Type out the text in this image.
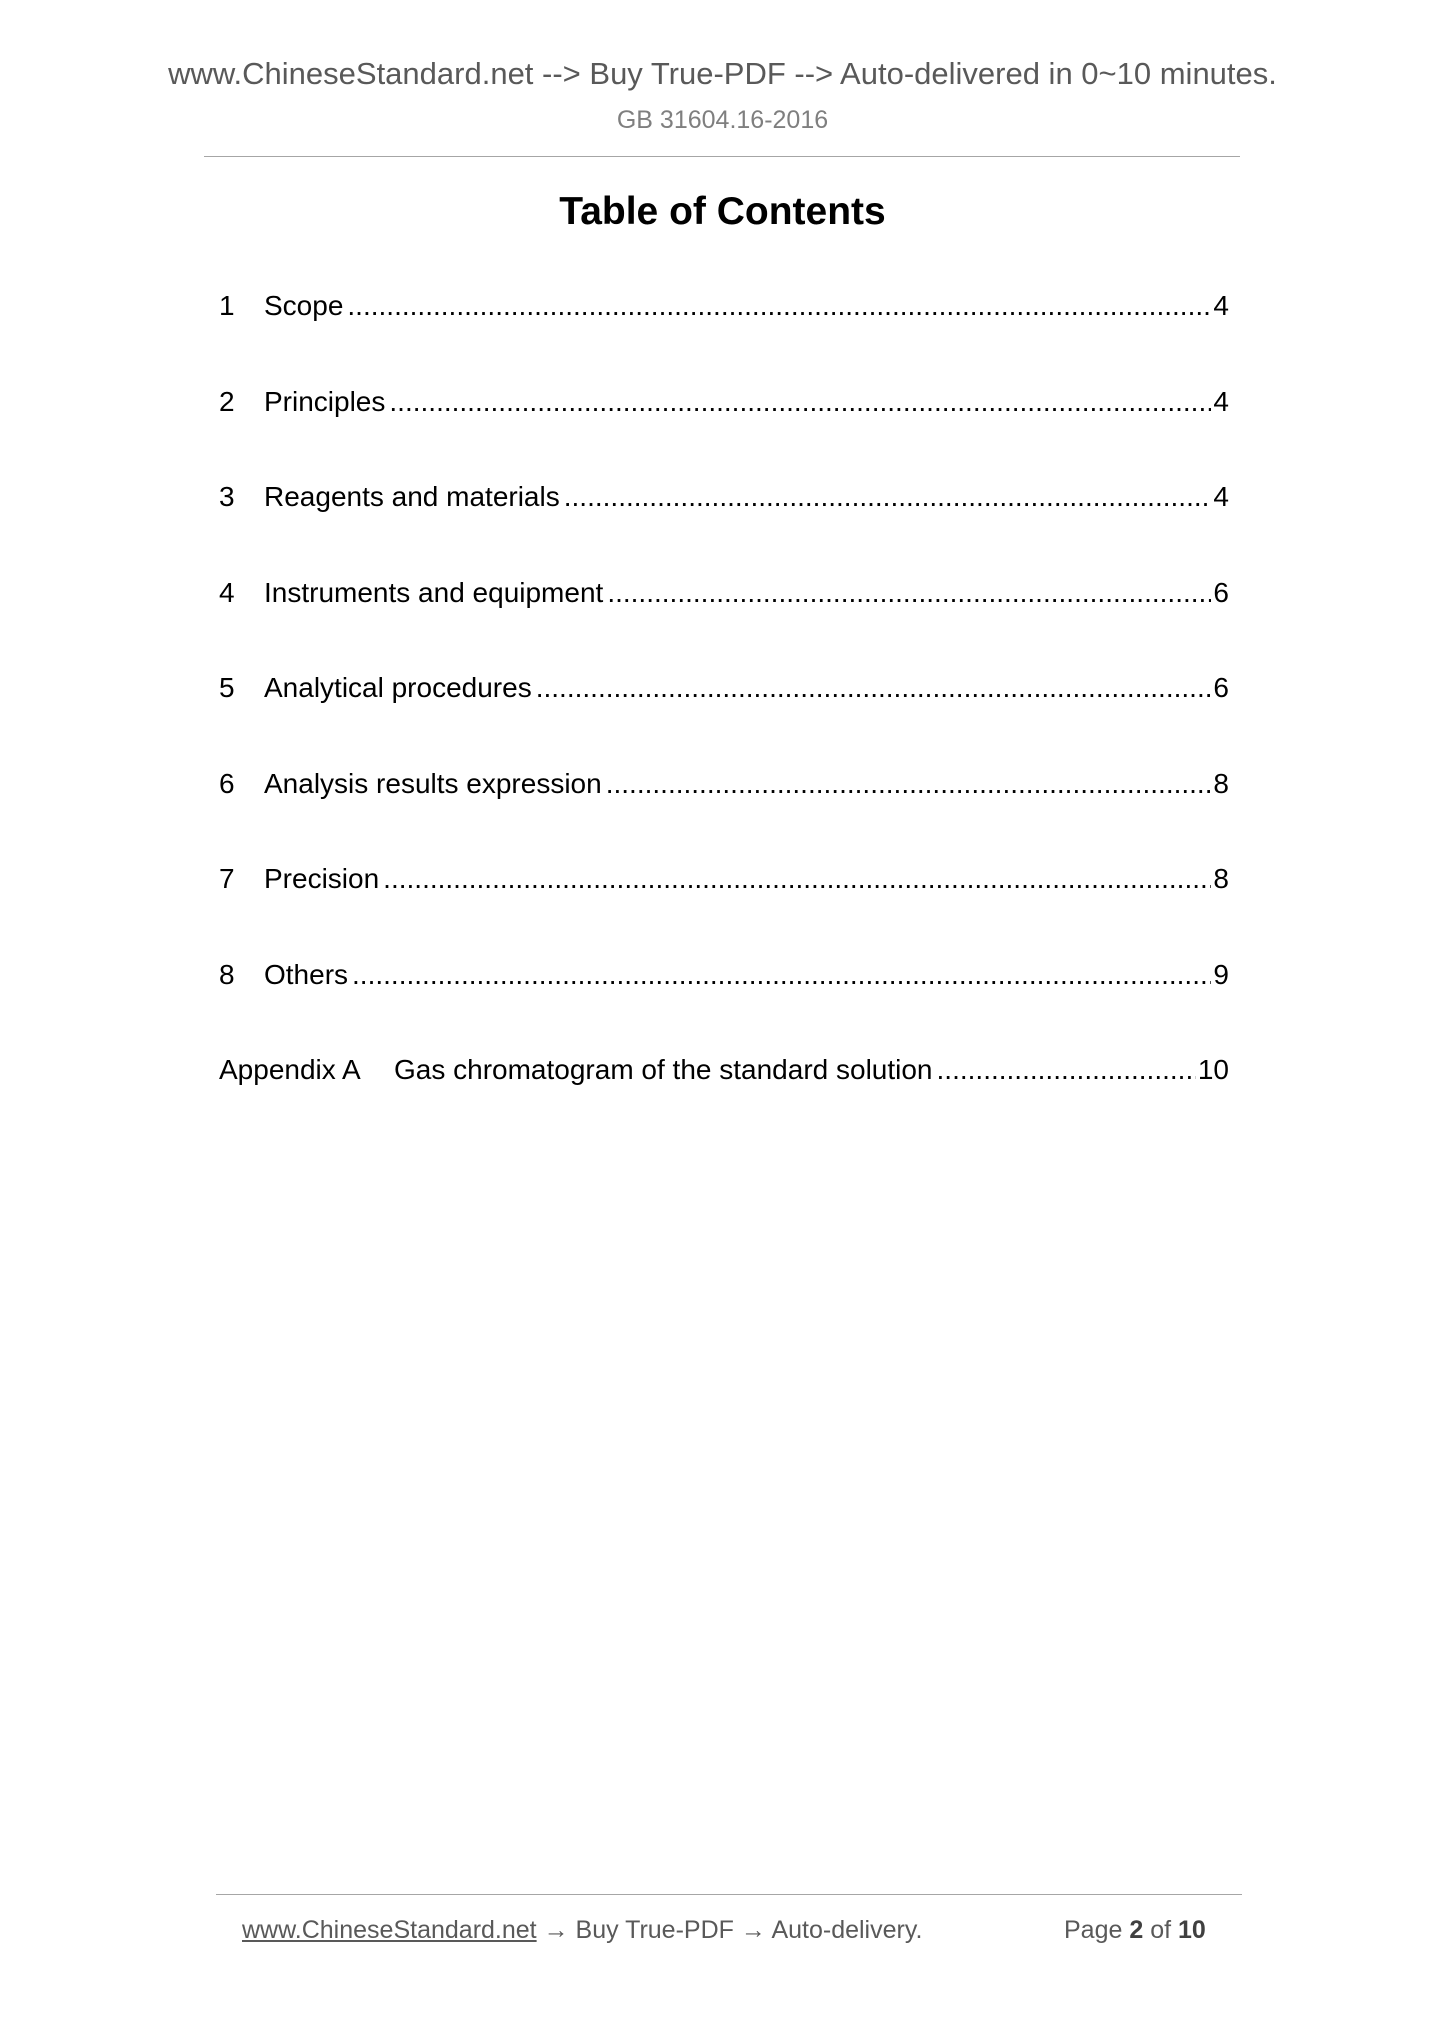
www.ChineseStandard.net --> Buy True-PDF --> Auto-delivered in 0~10 minutes.
GB 31604.16-2016
Table of Contents
1	Scope .....	4
2	Principles .....	4
3	Reagents and materials .....	4
4	Instruments and equipment .....	6
5	Analytical procedures .....	6
6	Analysis results expression .....	8
7	Precision .....	8
8	Others .....	9
Appendix A	Gas chromatogram of the standard solution .....	10
www.ChineseStandard.net → Buy True-PDF → Auto-delivery.	Page 2 of 10
